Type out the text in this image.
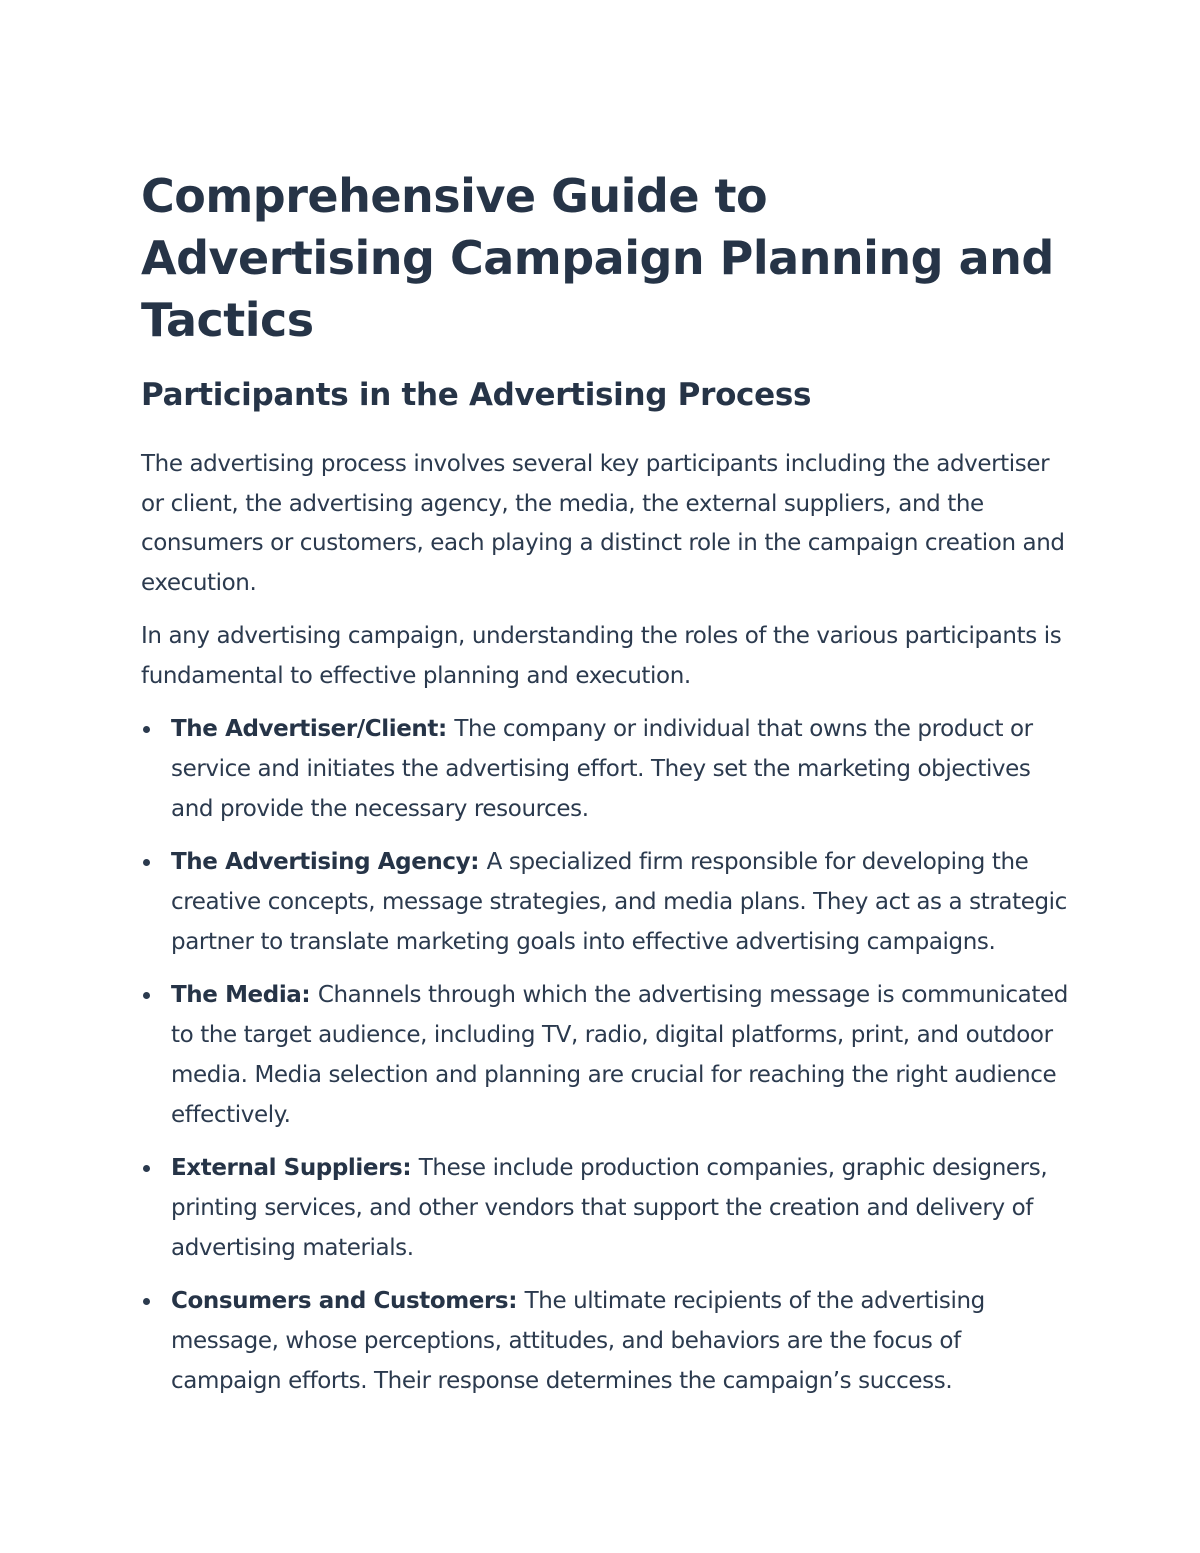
Comprehensive Guide to Advertising Campaign Planning and Tactics
Participants in the Advertising Process

The advertising process involves several key participants including the advertiser or client, the advertising agency, the media, the external suppliers, and the consumers or customers, each playing a distinct role in the campaign creation and execution.

In any advertising campaign, understanding the roles of the various participants is fundamental to effective planning and execution.

The Advertiser/Client: The company or individual that owns the product or service and initiates the advertising effort. They set the marketing objectives and provide the necessary resources.
The Advertising Agency: A specialized firm responsible for developing the creative concepts, message strategies, and media plans. They act as a strategic partner to translate marketing goals into effective advertising campaigns.
The Media: Channels through which the advertising message is communicated to the target audience, including TV, radio, digital platforms, print, and outdoor media. Media selection and planning are crucial for reaching the right audience effectively.
External Suppliers: These include production companies, graphic designers, printing services, and other vendors that support the creation and delivery of advertising materials.
Consumers and Customers: The ultimate recipients of the advertising message, whose perceptions, attitudes, and behaviors are the focus of campaign efforts. Their response determines the campaign’s success.
